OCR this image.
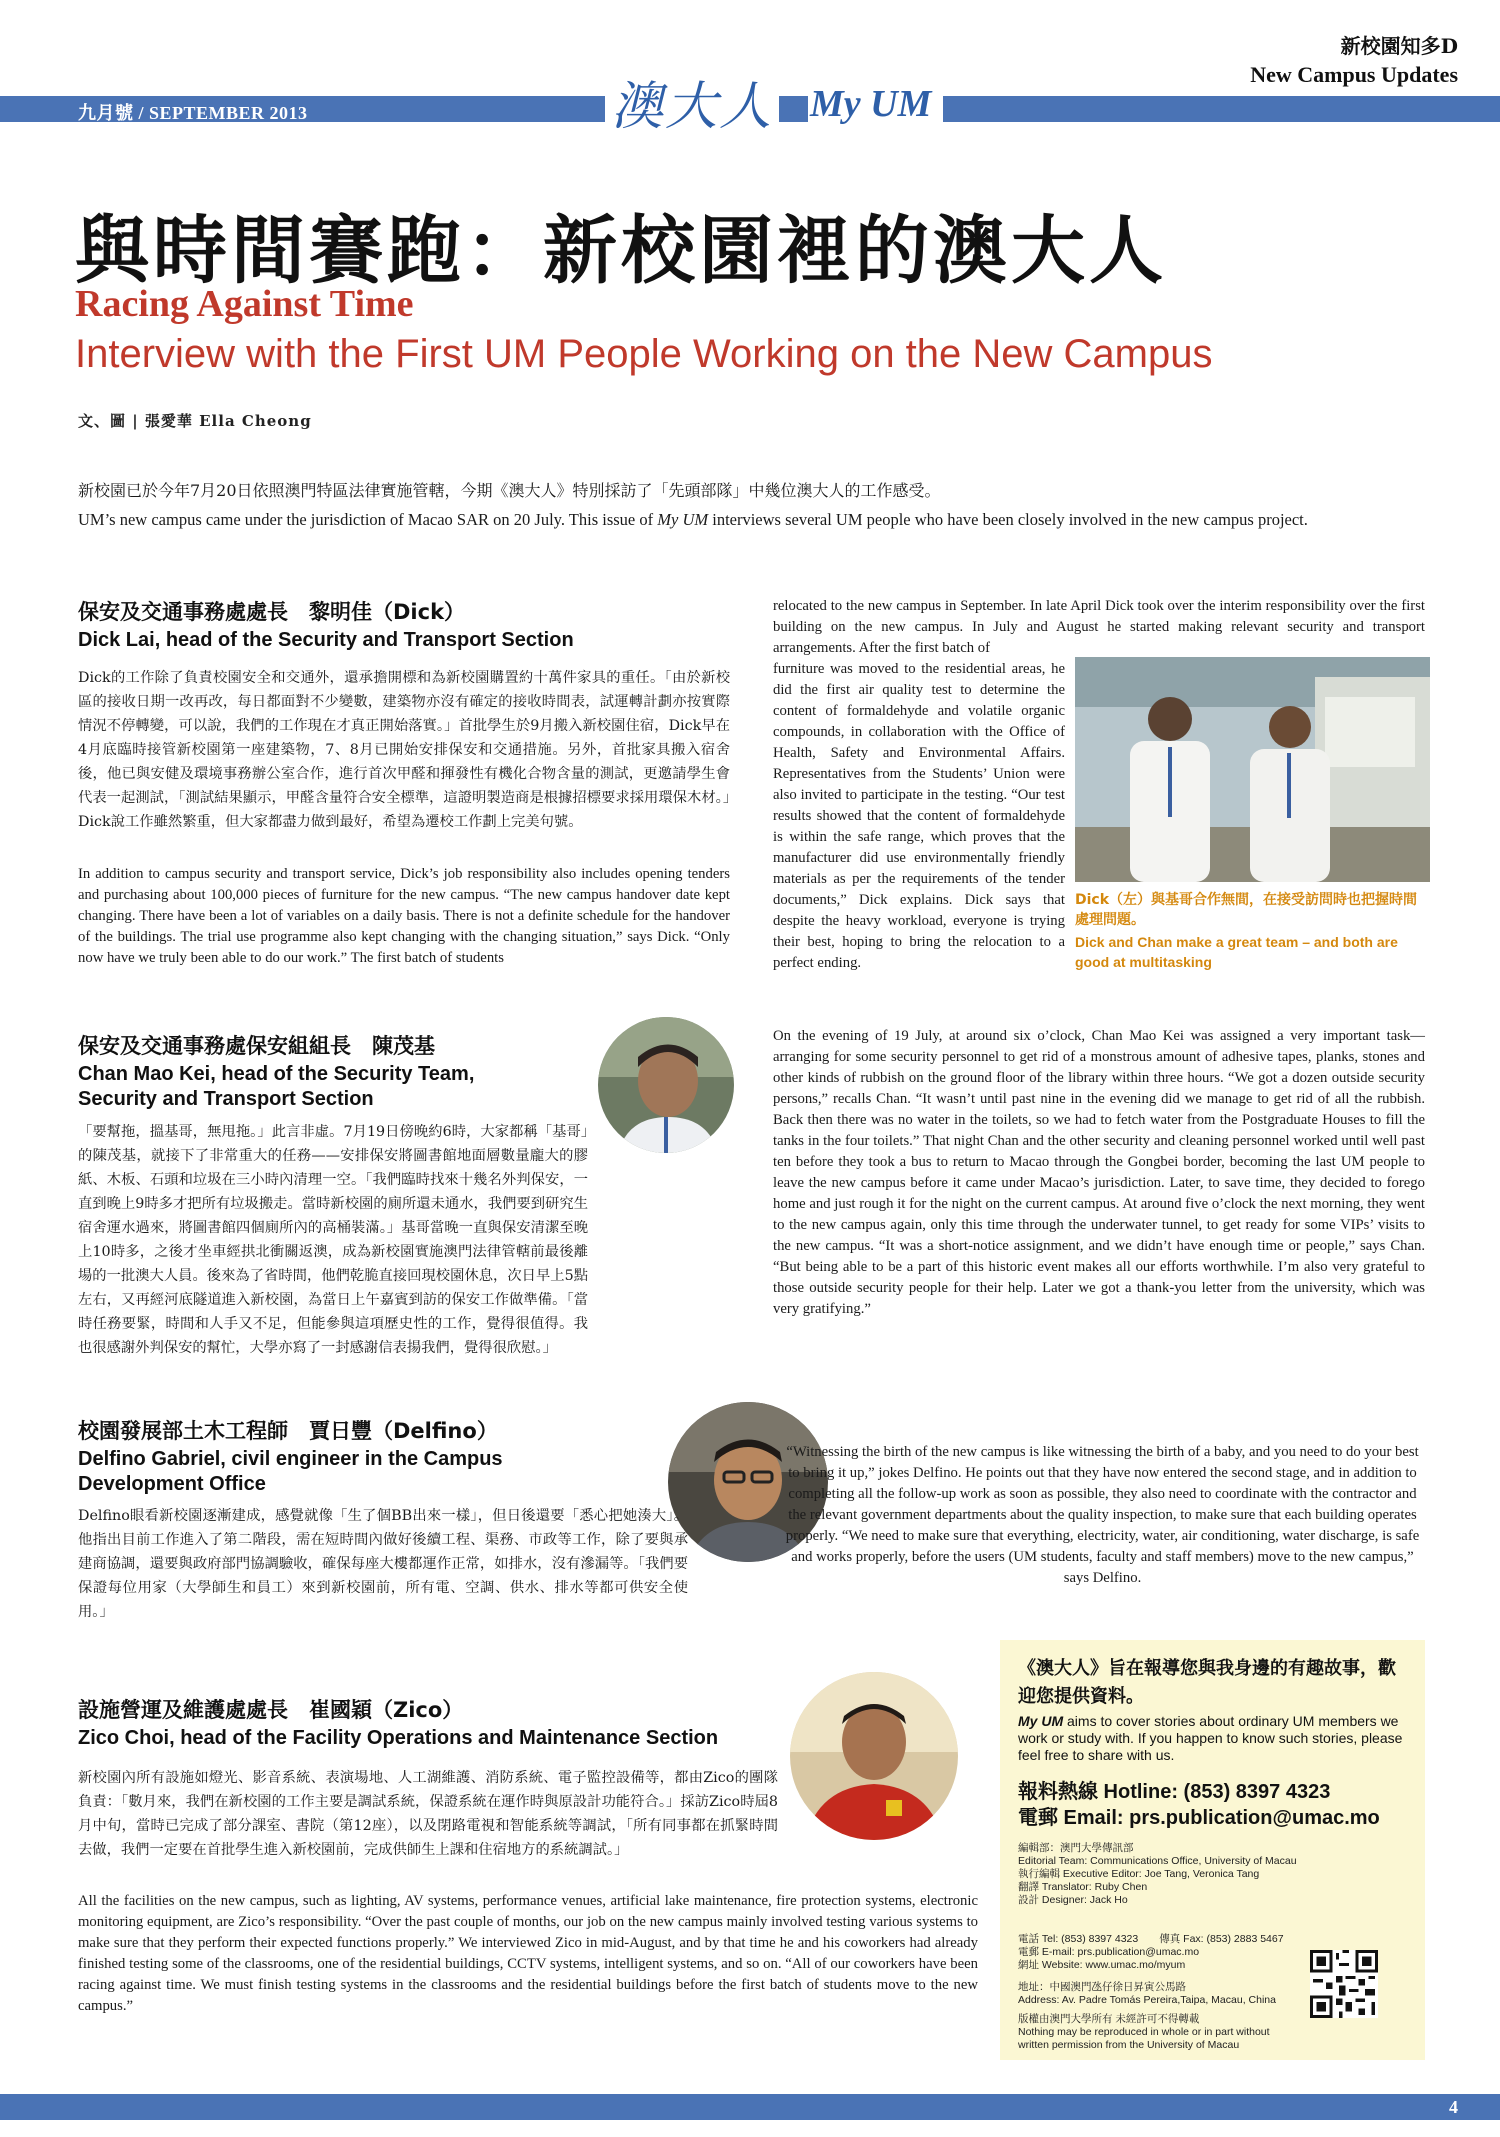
新校園知多D
New Campus Updates
九月號 / SEPTEMBER 2013	澳大人 My UM
與時間賽跑：新校園裡的澳大人
Racing Against Time
Interview with the First UM People Working on the New Campus
文、圖 | 張愛華 Ella Cheong
新校園已於今年7月20日依照澳門特區法律實施管轄，今期《澳大人》特別採訪了「先頭部隊」中幾位澳大人的工作感受。
UM’s new campus came under the jurisdiction of Macao SAR on 20 July. This issue of My UM interviews several UM people who have been closely involved in the new campus project.
保安及交通事務處處長　黎明佳（Dick）
Dick Lai, head of the Security and Transport Section
Dick的工作除了負責校園安全和交通外，還承擔開標和為新校園購置約十萬件家具的重任。「由於新校區的接收日期一改再改，每日都面對不少變數，建築物亦沒有確定的接收時間表，試運轉計劃亦按實際情況不停轉變，可以說，我們的工作現在才真正開始落實。」首批學生於9月搬入新校園住宿，Dick早在4月底臨時接管新校園第一座建築物，7、8月已開始安排保安和交通措施。另外，首批家具搬入宿舍後，他已與安健及環境事務辦公室合作，進行首次甲醛和揮發性有機化合物含量的測試，更邀請學生會代表一起測試，「測試結果顯示，甲醛含量符合安全標準，這證明製造商是根據招標要求採用環保木材。」Dick說工作雖然繁重，但大家都盡力做到最好，希望為遷校工作劃上完美句號。
In addition to campus security and transport service, Dick’s job responsibility also includes opening tenders and purchasing about 100,000 pieces of furniture for the new campus. “The new campus handover date kept changing. There have been a lot of variables on a daily basis. There is not a definite schedule for the handover of the buildings. The trial use programme also kept changing with the changing situation,” says Dick. “Only now have we truly been able to do our work.” The first batch of students
relocated to the new campus in September. In late April Dick took over the interim responsibility over the first building on the new campus. In July and August he started making relevant security and transport arrangements. After the first batch of
furniture was moved to the residential areas, he did the first air quality test to determine the content of formaldehyde and volatile organic compounds, in collaboration with the Office of Health, Safety and Environmental Affairs. Representatives from the Students’ Union were also invited to participate in the testing. “Our test results showed that the content of formaldehyde is within the safe range, which proves that the manufacturer did use environmentally friendly materials as per the requirements of the tender documents,” Dick explains. Dick says that despite the heavy workload, everyone is trying their best, hoping to bring the relocation to a perfect ending.
Dick（左）與基哥合作無間，在接受訪問時也把握時間處理問題。
Dick and Chan make a great team – and both are good at multitasking
保安及交通事務處保安組組長　陳茂基
Chan Mao Kei, head of the Security Team, Security and Transport Section
「要幫拖，搵基哥，無甩拖。」此言非虛。7月19日傍晚約6時，大家都稱「基哥」的陳茂基，就接下了非常重大的任務——安排保安將圖書館地面層數量龐大的膠紙、木板、石頭和垃圾在三小時內清理一空。「我們臨時找來十幾名外判保安，一直到晚上9時多才把所有垃圾搬走。當時新校園的廁所還未通水，我們要到研究生宿舍運水過來，將圖書館四個廁所內的高桶裝滿。」基哥當晚一直與保安清潔至晚上10時多，之後才坐車經拱北衝關返澳，成為新校園實施澳門法律管轄前最後離場的一批澳大人員。後來為了省時間，他們乾脆直接回現校園休息，次日早上5點左右，又再經河底隧道進入新校園，為當日上午嘉賓到訪的保安工作做準備。「當時任務要緊，時間和人手又不足，但能參與這項歷史性的工作，覺得很值得。我也很感謝外判保安的幫忙，大學亦寫了一封感謝信表揚我們，覺得很欣慰。」
On the evening of 19 July, at around six o’clock, Chan Mao Kei was assigned a very important task—arranging for some security personnel to get rid of a monstrous amount of adhesive tapes, planks, stones and other kinds of rubbish on the ground floor of the library within three hours. “We got a dozen outside security persons,” recalls Chan. “It wasn’t until past nine in the evening did we manage to get rid of all the rubbish. Back then there was no water in the toilets, so we had to fetch water from the Postgraduate Houses to fill the tanks in the four toilets.” That night Chan and the other security and cleaning personnel worked until well past ten before they took a bus to return to Macao through the Gongbei border, becoming the last UM people to leave the new campus before it came under Macao’s jurisdiction. Later, to save time, they decided to forego home and just rough it for the night on the current campus. At around five o’clock the next morning, they went to the new campus again, only this time through the underwater tunnel, to get ready for some VIPs’ visits to the new campus. “It was a short-notice assignment, and we didn’t have enough time or people,” says Chan. “But being able to be a part of this historic event makes all our efforts worthwhile. I’m also very grateful to those outside security people for their help. Later we got a thank-you letter from the university, which was very gratifying.”
校園發展部土木工程師　賈日豐（Delfino）
Delfino Gabriel, civil engineer in the Campus Development Office
Delfino眼看新校園逐漸建成，感覺就像「生了個BB出來一樣」，但日後還要「悉心把她湊大」。他指出目前工作進入了第二階段，需在短時間內做好後續工程、渠務、市政等工作，除了要與承建商協調，還要與政府部門協調驗收，確保每座大樓都運作正常，如排水，沒有滲漏等。「我們要保證每位用家（大學師生和員工）來到新校園前，所有電、空調、供水、排水等都可供安全使用。」
“Witnessing the birth of the new campus is like witnessing the birth of a baby, and you need to do your best to bring it up,” jokes Delfino. He points out that they have now entered the second stage, and in addition to completing all the follow-up work as soon as possible, they also need to coordinate with the contractor and the relevant government departments about the quality inspection, to make sure that each building operates properly. “We need to make sure that everything, electricity, water, air conditioning, water discharge, is safe and works properly, before the users (UM students, faculty and staff members) move to the new campus,” says Delfino.
設施營運及維護處處長　崔國穎（Zico）
Zico Choi, head of the Facility Operations and Maintenance Section
新校園內所有設施如燈光、影音系統、表演場地、人工湖維護、消防系統、電子監控設備等，都由Zico的團隊負責：「數月來，我們在新校園的工作主要是調試系統，保證系統在運作時與原設計功能符合。」採訪Zico時屆8月中旬，當時已完成了部分課室、書院（第12座），以及閉路電視和智能系統等調試，「所有同事都在抓緊時間去做，我們一定要在首批學生進入新校園前，完成供師生上課和住宿地方的系統調試。」
All the facilities on the new campus, such as lighting, AV systems, performance venues, artificial lake maintenance, fire protection systems, electronic monitoring equipment, are Zico’s responsibility. “Over the past couple of months, our job on the new campus mainly involved testing various systems to make sure that they perform their expected functions properly.” We interviewed Zico in mid-August, and by that time he and his coworkers had already finished testing some of the classrooms, one of the residential buildings, CCTV systems, intelligent systems, and so on. “All of our coworkers have been racing against time. We must finish testing systems in the classrooms and the residential buildings before the first batch of students move to the new campus.”
《澳大人》旨在報導您與我身邊的有趣故事，歡迎您提供資料。
My UM aims to cover stories about ordinary UM members we work or study with. If you happen to know such stories, please feel free to share with us.
報料熱線 Hotline: (853) 8397 4323
電郵 Email: prs.publication@umac.mo
編輯部：澳門大學傳訊部
Editorial Team: Communications Office, University of Macau
執行編輯 Executive Editor: Joe Tang, Veronica Tang
翻譯 Translator: Ruby Chen
設計 Designer: Jack Ho
電話 Tel: (853) 8397 4323　　傳真 Fax: (853) 2883 5467
電郵 E-mail: prs.publication@umac.mo
網址 Website: www.umac.mo/myum
地址：中國澳門氹仔徐日昇寅公馬路
Address: Av. Padre Tomás Pereira,Taipa, Macau, China
版權由澳門大學所有 未經許可不得轉載
Nothing may be reproduced in whole or in part without
written permission from the University of Macau
4
